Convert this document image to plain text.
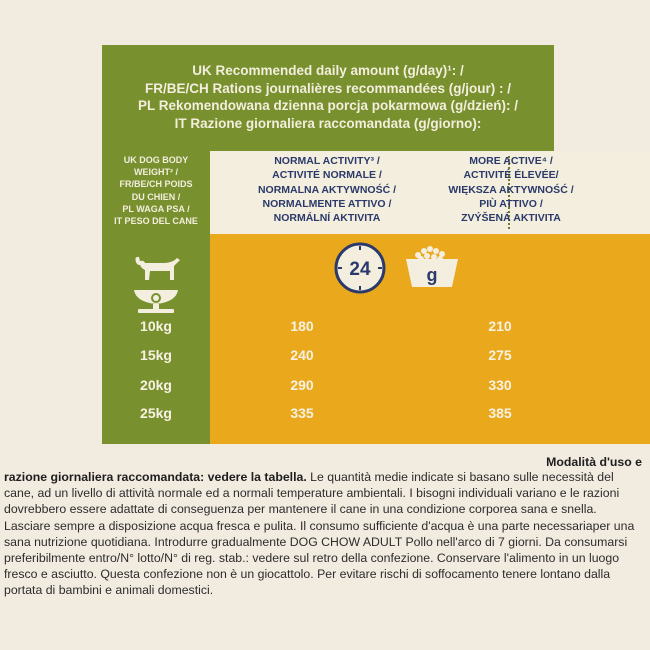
UK Recommended daily amount (g/day)¹: /
FR/BE/CH Rations journalières recommandées (g/jour) : /
PL Rekomendowana dzienna porcja pokarmowa (g/dzień): /
IT Razione giornaliera raccomandata (g/giorno):
UK DOG BODY
WEIGHT² /
FR/BE/CH POIDS
DU CHIEN /
PL WAGA PSA /
IT PESO DEL CANE
NORMAL ACTIVITY³ /
ACTIVITÉ NORMALE /
NORMALNA AKTYWNOŚĆ /
NORMALMENTE ATTIVO /
NORMÁLNÍ AKTIVITA
MORE ACTIVE⁴ /
ACTIVITÉ ÉLEVÉE/
WIĘKSZA AKTYWNOŚĆ /
PIÙ ATTIVO /
ZVÝŠENÁ AKTIVITA
24	g
10kg	180	210
15kg	240	275
20kg	290	330
25kg	335	385
Modalità d'uso e
razione giornaliera raccomandata: vedere la tabella. Le quantità medie indicate si basano sulle necessità del cane, ad un livello di attività normale ed a normali temperature ambientali. I bisogni individuali variano e le razioni dovrebbero essere adattate di conseguenza per mantenere il cane in una condizione corporea sana e snella. Lasciare sempre a disposizione acqua fresca e pulita. Il consumo sufficiente d'acqua è una parte necessariaper una sana nutrizione quotidiana. Introdurre gradualmente DOG CHOW ADULT Pollo nell'arco di 7 giorni. Da consumarsi preferibilmente entro/N° lotto/N° di reg. stab.: vedere sul retro della confezione. Conservare l'alimento in un luogo fresco e asciutto. Questa confezione non è un giocattolo. Per evitare rischi di soffocamento tenere lontano dalla portata di bambini e animali domestici.
